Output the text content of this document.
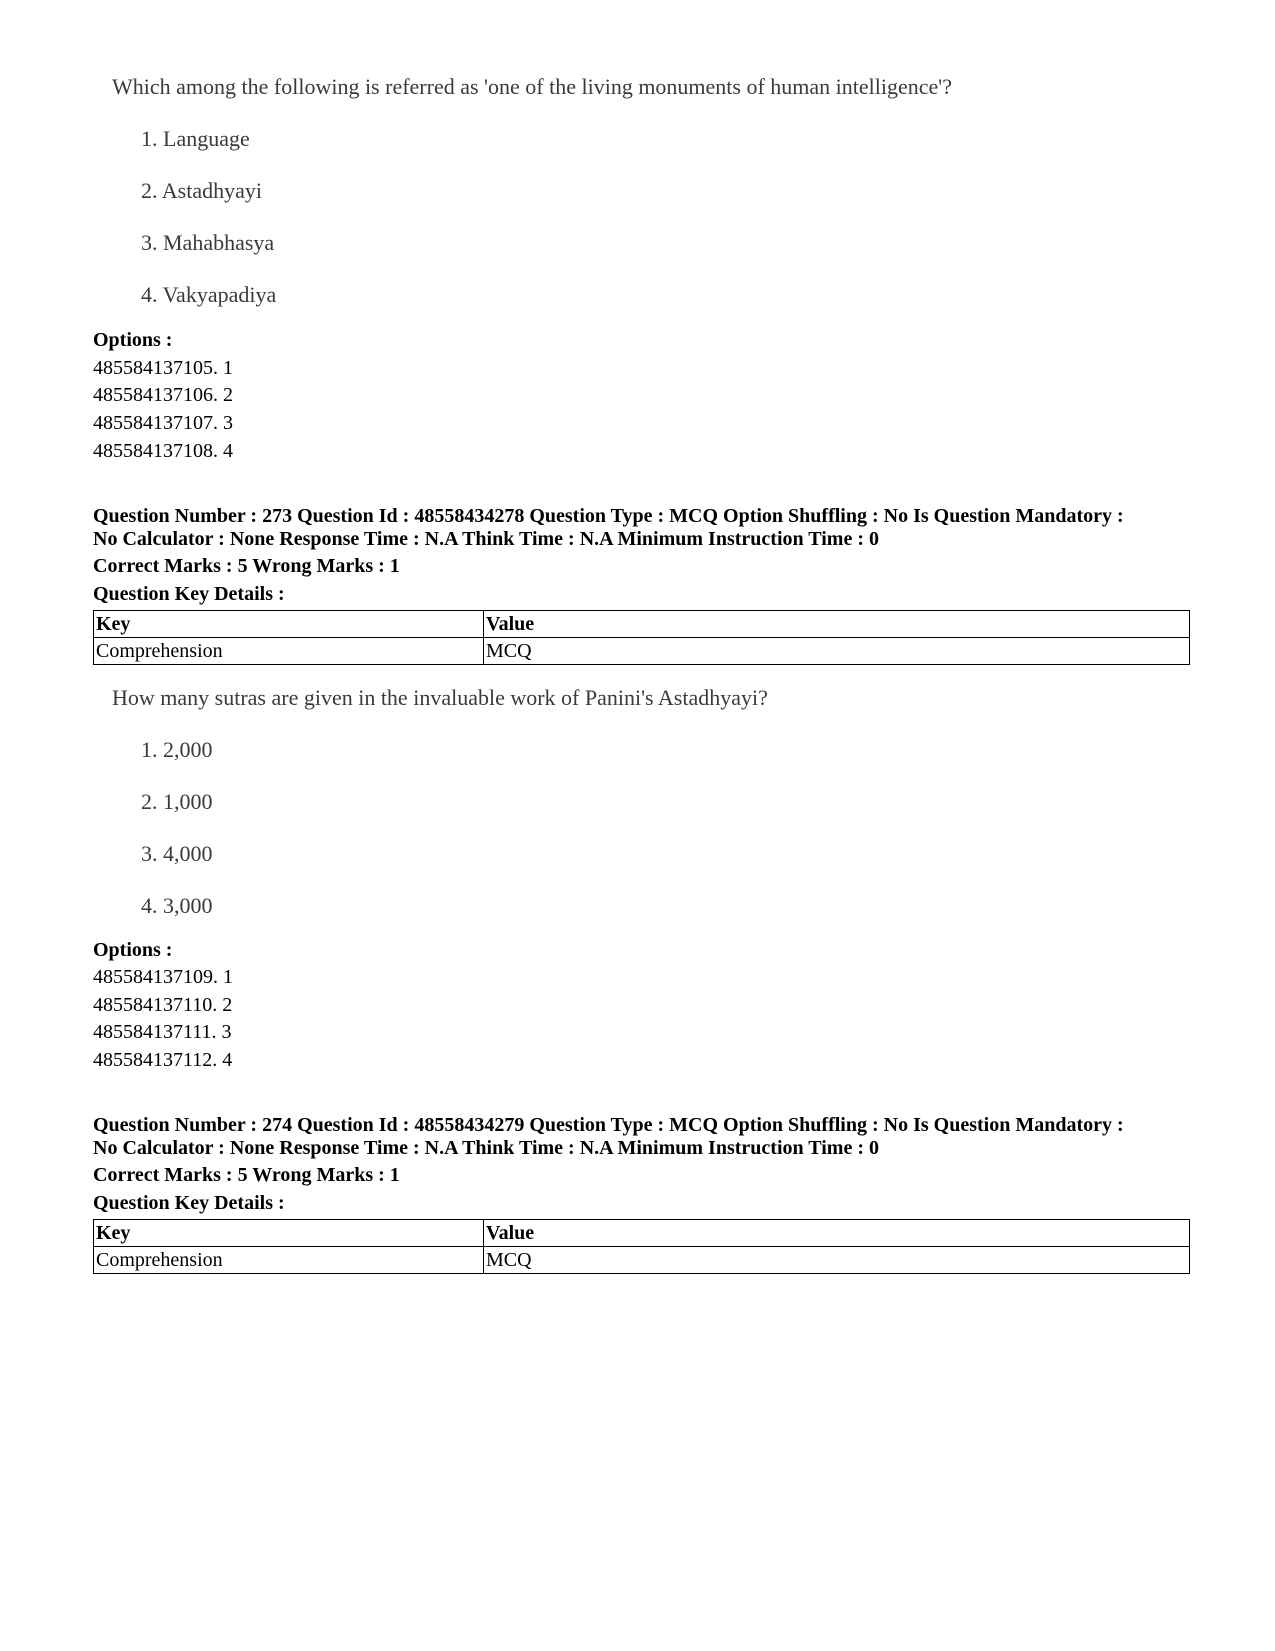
Which among the following is referred as 'one of the living monuments of human intelligence'?
1. Language
2. Astadhyayi
3. Mahabhasya
4. Vakyapadiya
Options :
485584137105. 1
485584137106. 2
485584137107. 3
485584137108. 4
Question Number : 273 Question Id : 48558434278 Question Type : MCQ Option Shuffling : No Is Question Mandatory :
No Calculator : None Response Time : N.A Think Time : N.A Minimum Instruction Time : 0
Correct Marks : 5 Wrong Marks : 1
Question Key Details :
Key	Value
Comprehension	MCQ
How many sutras are given in the invaluable work of Panini's Astadhyayi?
1. 2,000
2. 1,000
3. 4,000
4. 3,000
Options :
485584137109. 1
485584137110. 2
485584137111. 3
485584137112. 4
Question Number : 274 Question Id : 48558434279 Question Type : MCQ Option Shuffling : No Is Question Mandatory :
No Calculator : None Response Time : N.A Think Time : N.A Minimum Instruction Time : 0
Correct Marks : 5 Wrong Marks : 1
Question Key Details :
Key	Value
Comprehension	MCQ
